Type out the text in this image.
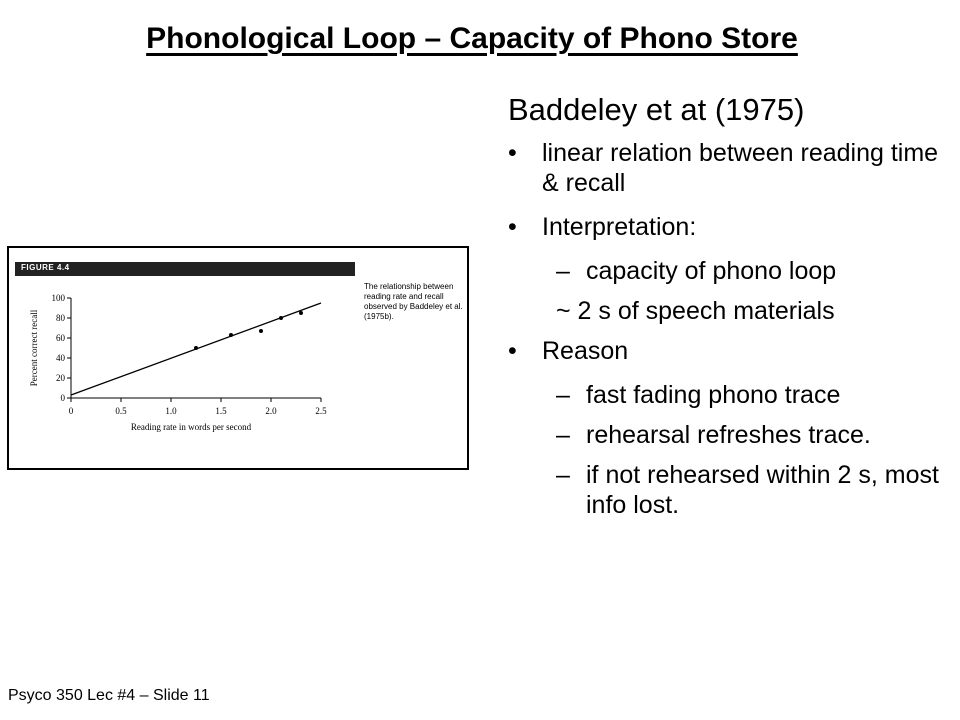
Phonological Loop – Capacity of Phono Store
Baddeley et at (1975)
• linear relation between reading time & recall
• Interpretation:
– capacity of phono loop
~ 2 s of speech materials
• Reason
– fast fading phono trace
– rehearsal refreshes trace.
– if not rehearsed within 2 s, most info lost.
FIGURE 4.4
The relationship between reading rate and recall observed by Baddeley et al. (1975b).
Percent correct recall
Reading rate in words per second
0
20
40
60
80
100
0	0.5	1.0	1.5	2.0	2.5
Psyco 350 Lec #4 – Slide 11
